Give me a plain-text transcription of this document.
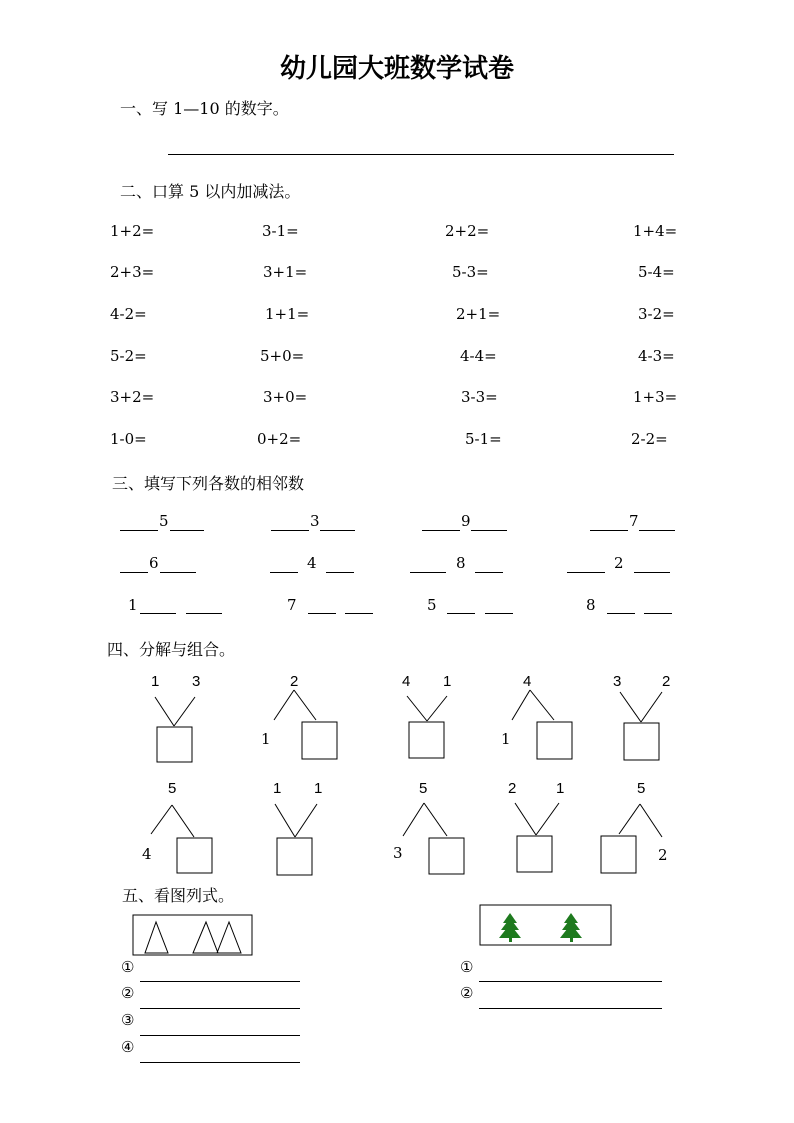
幼儿园大班数学试卷
一、写 1—10 的数字。
二、口算 5 以内加减法。
1+2=	3-1=	2+2=	1+4=
2+3=	3+1=	5-3=	5-4=
4-2=	1+1=	2+1=	3-2=
5-2=	5+0=	4-4=	4-3=
3+2=	3+0=	3-3=	1+3=
1-0=	0+2=	5-1=	2-2=
三、填写下列各数的相邻数
5	3	9	7
6	4	8	2
1	7	5	8
四、分解与组合。
1 3	2
1
4 1	4
1
3	2
5
4
1 1	5
3
2	1	5
2
五、看图列式。
①
②
③
④
①
②
